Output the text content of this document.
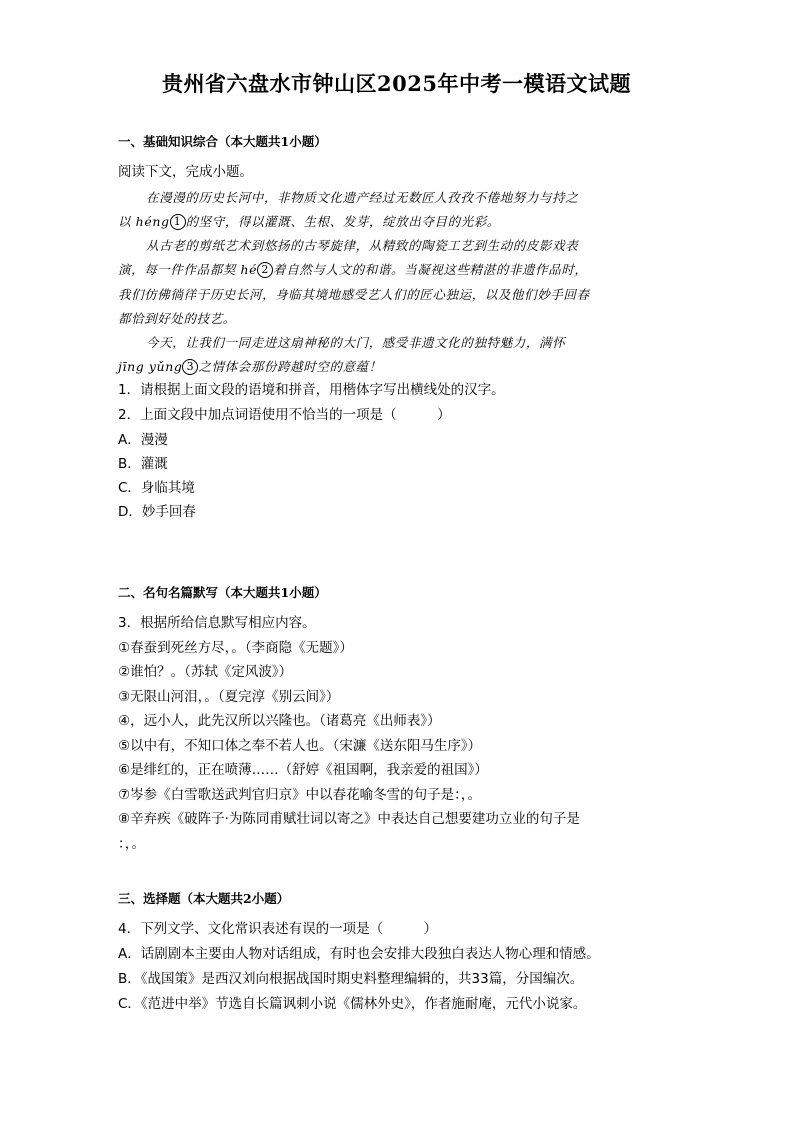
贵州省六盘水市钟山区2025年中考一模语文试题
一、基础知识综合（本大题共1小题）
阅读下文，完成小题。
在漫漫的历史长河中，非物质文化遗产经过无数匠人孜孜不倦地努力与持之
以 héng 1 的坚守，得以灌溉、生根、发芽，绽放出夺目的光彩。
从古老的剪纸艺术到悠扬的古琴旋律，从精致的陶瓷工艺到生动的皮影戏表
演，每一件作品都契 hé 2 着自然与人文的和谐。当凝视这些精湛的非遗作品时，
我们仿佛徜徉于历史长河，身临其境地感受艺人们的匠心独运，以及他们妙手回春
都恰到好处的技艺。
今天，让我们一同走进这扇神秘的大门，感受非遗文化的独特魅力，满怀
jīng yǔng 3 之情体会那份跨越时空的意蕴！
1．请根据上面文段的语境和拼音，用楷体字写出横线处的汉字。
2．上面文段中加点词语使用不恰当的一项是（　　　）
A．漫漫
B．灌溉
C．身临其境
D．妙手回春
二、名句名篇默写（本大题共1小题）
3．根据所给信息默写相应内容。
①春蚕到死丝方尽，。（李商隐《无题》）
②谁怕？。（苏轼《定风波》）
③无限山河泪，。（夏完淳《别云间》）
④，远小人，此先汉所以兴隆也。（诸葛亮《出师表》）
⑤以中有，不知口体之奉不若人也。（宋濂《送东阳马生序》）
⑥是绯红的，正在喷薄……（舒婷《祖国啊，我亲爱的祖国》）
⑦岑参《白雪歌送武判官归京》中以春花喻冬雪的句子是：，。
⑧辛弃疾《破阵子·为陈同甫赋壮词以寄之》中表达自己想要建功立业的句子是
：，。
三、选择题（本大题共2小题）
4．下列文学、文化常识表述有误的一项是（　　　）
A．话剧剧本主要由人物对话组成，有时也会安排大段独白表达人物心理和情感。
B．《战国策》是西汉刘向根据战国时期史料整理编辑的，共33篇，分国编次。
C．《范进中举》节选自长篇讽刺小说《儒林外史》，作者施耐庵，元代小说家。
